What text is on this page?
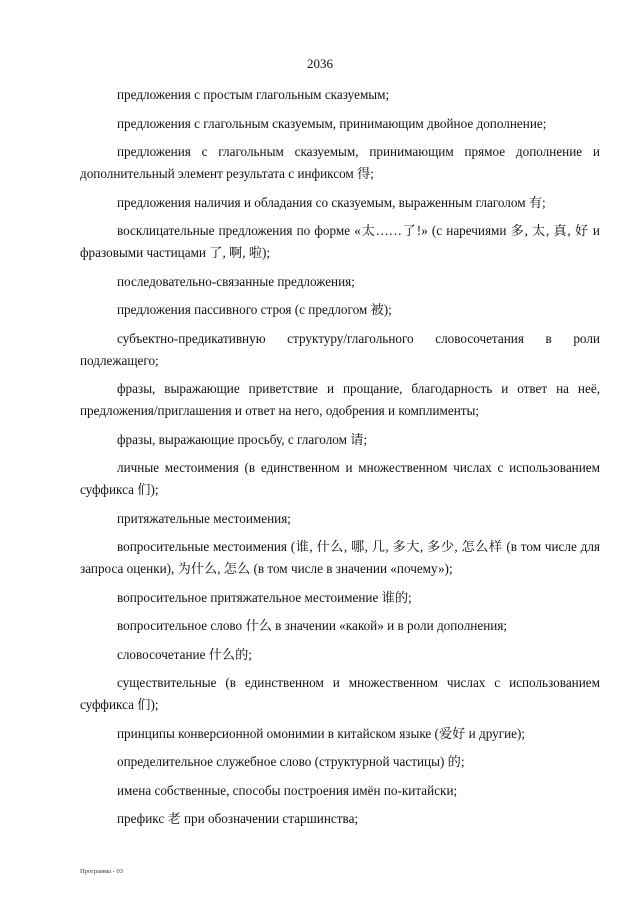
2036

предложения с простым глагольным сказуемым;

предложения с глагольным сказуемым, принимающим двойное дополнение;

предложения с глагольным сказуемым, принимающим прямое дополнение и дополнительный элемент результата с инфиксом 得;

предложения наличия и обладания со сказуемым, выраженным глаголом 有;

восклицательные предложения по форме «太……了!» (с наречиями 多, 太, 真, 好 и фразовыми частицами 了, 啊, 啦);

последовательно-связанные предложения;

предложения пассивного строя (с предлогом 被);

субъектно-предикативную структуру/глагольного словосочетания в роли подлежащего;

фразы, выражающие приветствие и прощание, благодарность и ответ на неё, предложения/приглашения и ответ на него, одобрения и комплименты;

фразы, выражающие просьбу, с глаголом 请;

личные местоимения (в единственном и множественном числах с использованием суффикса 们);

притяжательные местоимения;

вопросительные местоимения (谁, 什么, 哪, 几, 多大, 多少, 怎么样 (в том числе для запроса оценки), 为什么, 怎么 (в том числе в значении «почему»);

вопросительное притяжательное местоимение 谁的;

вопросительное слово 什么 в значении «какой» и в роли дополнения;

словосочетание 什么的;

существительные (в единственном и множественном числах с использованием суффикса 们);

принципы конверсионной омонимии в китайском языке (爱好 и другие);

определительное служебное слово (структурной частицы) 的;

имена собственные, способы построения имён по-китайски;

префикс 老 при обозначении старшинства;

Программа - 03
